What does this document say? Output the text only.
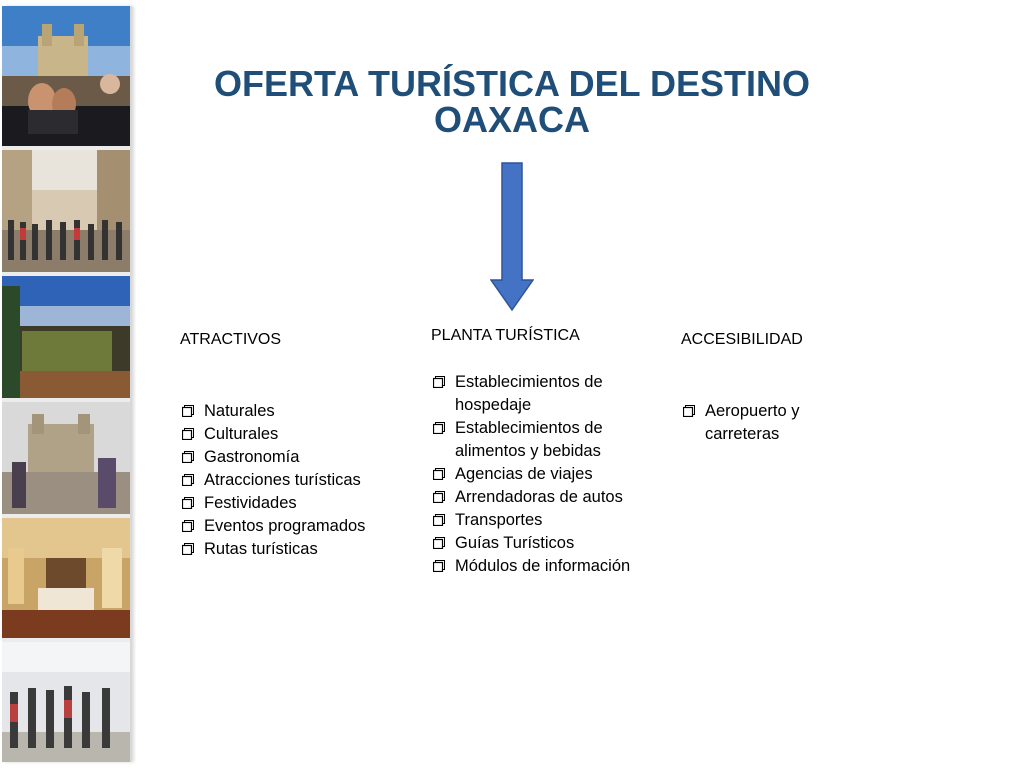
OFERTA TURÍSTICA DEL DESTINO
OAXACA

ATRACTIVOS

Naturales
Culturales
Gastronomía
Atracciones turísticas
Festividades
Eventos programados
Rutas turísticas

PLANTA TURÍSTICA

Establecimientos de hospedaje
Establecimientos de alimentos y bebidas
Agencias de viajes
Arrendadoras de autos
Transportes
Guías Turísticos
Módulos de información

ACCESIBILIDAD

Aeropuerto y carreteras
